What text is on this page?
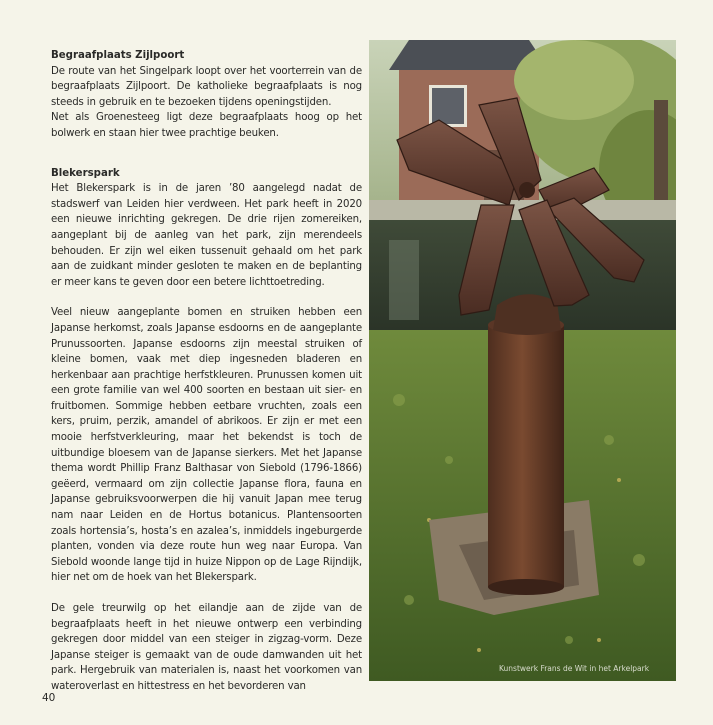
Begraafplaats Zijlpoort

De route van het Singelpark loopt over het voorterrein van de begraafplaats Zijlpoort. De katholieke begraafplaats is nog steeds in gebruik en te bezoeken tijdens openingstijden.
Net als Groenesteeg ligt deze begraafplaats hoog op het bolwerk en staan hier twee prachtige beuken.

Blekerspark

Het Blekerspark is in de jaren ’80 aangelegd nadat de stadswerf van Leiden hier verdween. Het park heeft in 2020 een nieuwe inrichting gekregen. De drie rijen zomereiken, aangeplant bij de aanleg van het park, zijn merendeels behouden. Er zijn wel eiken tussenuit gehaald om het park aan de zuidkant minder gesloten te maken en de beplanting er meer kans te geven door een betere lichttoetreding.

Veel nieuw aangeplante bomen en struiken hebben een Japanse herkomst, zoals Japanse esdoorns en de aangeplante Prunussoorten. Japanse esdoorns zijn meestal struiken of kleine bomen, vaak met diep ingesneden bladeren en herkenbaar aan prachtige herfstkleuren. Prunussen komen uit een grote familie van wel 400 soorten en bestaan uit sier- en fruitbomen. Sommige hebben eetbare vruchten, zoals een kers, pruim, perzik, amandel of abrikoos. Er zijn er met een mooie herfstverkleuring, maar het bekendst is toch de uitbundige bloesem van de Japanse sierkers. Met het Japanse thema wordt Phillip Franz Balthasar von Siebold (1796-1866) geëerd, vermaard om zijn collectie Japanse flora, fauna en Japanse gebruiksvoorwerpen die hij vanuit Japan mee terug nam naar Leiden en de Hortus botanicus. Plantensoorten zoals hortensia’s, hosta’s en azalea’s, inmiddels ingeburgerde planten, vonden via deze route hun weg naar Europa. Van Siebold woonde lange tijd in huize Nippon op de Lage Rijndijk, hier net om de hoek van het Blekerspark.

De gele treurwilg op het eilandje aan de zijde van de begraafplaats heeft in het nieuwe ontwerp een verbinding gekregen door middel van een steiger in zigzag-vorm. Deze Japanse steiger is gemaakt van de oude damwanden uit het park. Hergebruik van materialen is, naast het voorkomen van wateroverlast en hittestress en het bevorderen van

40
Kunstwerk Frans de Wit in het Arkelpark
